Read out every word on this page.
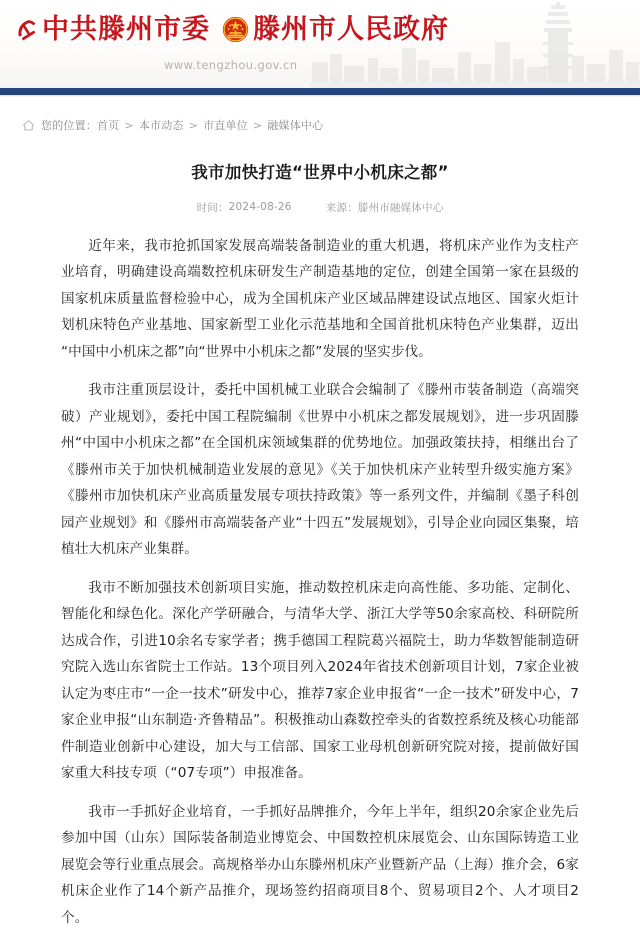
中共滕州市委 滕州市人民政府
www.tengzhou.gov.cn
您的位置： 首页 > 本市动态 > 市直单位 > 融媒体中心
我市加快打造“世界中小机床之都”
时间： 2024-08-26	来源： 滕州市融媒体中心

近年来，我市抢抓国家发展高端装备制造业的重大机遇，将机床产业作为支柱产业培育，明确建设高端数控机床研发生产制造基地的定位，创建全国第一家在县级的国家机床质量监督检验中心，成为全国机床产业区域品牌建设试点地区、国家火炬计划机床特色产业基地、国家新型工业化示范基地和全国首批机床特色产业集群，迈出“中国中小机床之都”向“世界中小机床之都”发展的坚实步伐。

我市注重顶层设计，委托中国机械工业联合会编制了《滕州市装备制造（高端突破）产业规划》，委托中国工程院编制《世界中小机床之都发展规划》，进一步巩固滕州“中国中小机床之都”在全国机床领域集群的优势地位。加强政策扶持，相继出台了《滕州市关于加快机械制造业发展的意见》《关于加快机床产业转型升级实施方案》《滕州市加快机床产业高质量发展专项扶持政策》等一系列文件，并编制《墨子科创园产业规划》和《滕州市高端装备产业“十四五”发展规划》，引导企业向园区集聚，培植壮大机床产业集群。

我市不断加强技术创新项目实施，推动数控机床走向高性能、多功能、定制化、智能化和绿色化。深化产学研融合，与清华大学、浙江大学等50余家高校、科研院所达成合作，引进10余名专家学者；携手德国工程院葛兴福院士，助力华数智能制造研究院入选山东省院士工作站。13个项目列入2024年省技术创新项目计划，7家企业被认定为枣庄市“一企一技术”研发中心，推荐7家企业申报省“一企一技术”研发中心，7家企业申报“山东制造·齐鲁精品”。积极推动山森数控牵头的省数控系统及核心功能部件制造业创新中心建设，加大与工信部、国家工业母机创新研究院对接，提前做好国家重大科技专项（“07专项”）申报准备。

我市一手抓好企业培育，一手抓好品牌推介，今年上半年，组织20余家企业先后参加中国（山东）国际装备制造业博览会、中国数控机床展览会、山东国际铸造工业展览会等行业重点展会。高规格举办山东滕州机床产业暨新产品（上海）推介会，6家机床企业作了14个新产品推介，现场签约招商项目8个、贸易项目2个、人才项目2个。
